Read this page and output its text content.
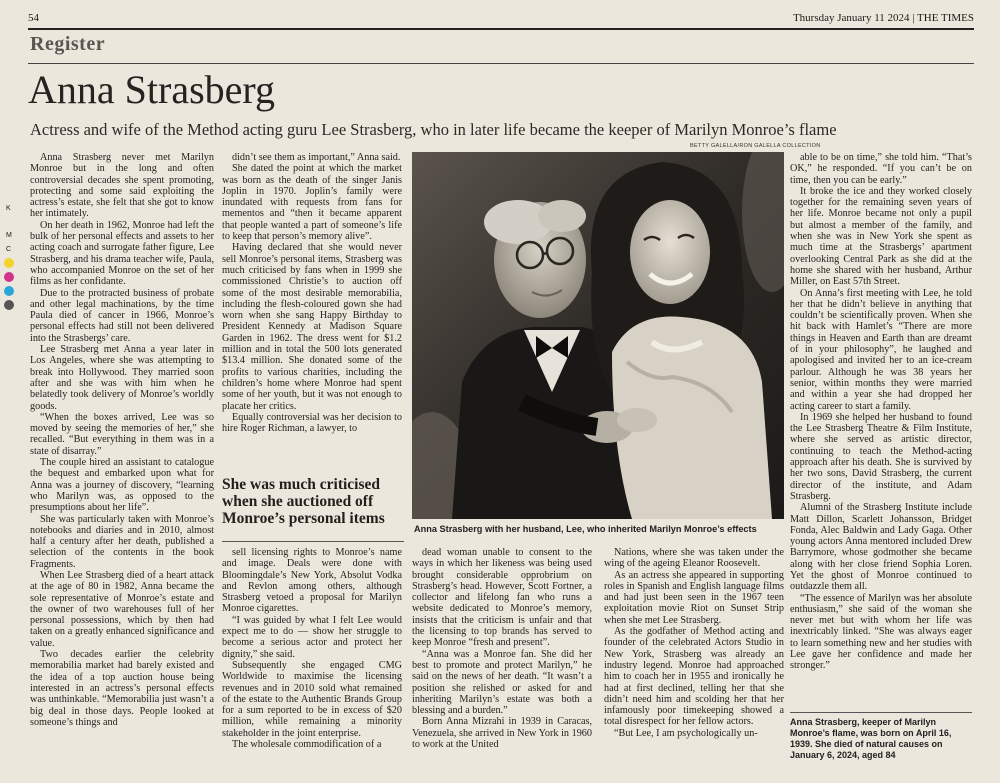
54	Thursday January 11 2024 | THE TIMES
Register
Anna Strasberg
Actress and wife of the Method acting guru Lee Strasberg, who in later life became the keeper of Marilyn Monroe’s flame

Anna Strasberg never met Marilyn Monroe but in the long and often controversial decades she spent promoting, protecting and some said exploiting the actress’s estate, she felt that she got to know her intimately.

On her death in 1962, Monroe had left the bulk of her personal effects and assets to her acting coach and surrogate father figure, Lee Strasberg, and his drama teacher wife, Paula, who accompanied Monroe on the set of her films as her confidante.

Due to the protracted business of probate and other legal machinations, by the time Paula died of cancer in 1966, Monroe’s personal effects had still not been delivered into the Strasbergs’ care.

Lee Strasberg met Anna a year later in Los Angeles, where she was attempting to break into Hollywood. They married soon after and she was with him when he belatedly took delivery of Monroe’s worldly goods.

“When the boxes arrived, Lee was so moved by seeing the memories of her,” she recalled. “But everything in them was in a state of disarray.”

The couple hired an assistant to catalogue the bequest and embarked upon what for Anna was a journey of discovery, “learning who Marilyn was, as opposed to the presumptions about her life”.

She was particularly taken with Monroe’s notebooks and diaries and in 2010, almost half a century after her death, published a selection of the contents in the book Fragments.

When Lee Strasberg died of a heart attack at the age of 80 in 1982, Anna became the sole representative of Monroe’s estate and the owner of two warehouses full of her personal possessions, which by then had taken on a greatly enhanced significance and value.

Two decades earlier the celebrity memorabilia market had barely existed and the idea of a top auction house being interested in an actress’s personal effects was unthinkable. “Memorabilia just wasn’t a big deal in those days. People looked at someone’s things and

didn’t see them as important,” Anna said.

She dated the point at which the market was born as the death of the singer Janis Joplin in 1970. Joplin’s family were inundated with requests from fans for mementos and “then it became apparent that people wanted a part of someone’s life to keep that person’s memory alive”.

Having declared that she would never sell Monroe’s personal items, Strasberg was much criticised by fans when in 1999 she commissioned Christie’s to auction off some of the most desirable memorabilia, including the flesh-coloured gown she had worn when she sang Happy Birthday to President Kennedy at Madison Square Garden in 1962. The dress went for $1.2 million and in total the 500 lots generated $13.4 million. She donated some of the profits to various charities, including the children’s home where Monroe had spent some of her youth, but it was not enough to placate her critics.

Equally controversial was her decision to hire Roger Richman, a lawyer, to

She was much criticised when she auctioned off Monroe’s personal items

sell licensing rights to Monroe’s name and image. Deals were done with Bloomingdale’s New York, Absolut Vodka and Revlon among others, although Strasberg vetoed a proposal for Marilyn Monroe cigarettes.

“I was guided by what I felt Lee would expect me to do — show her struggle to become a serious actor and protect her dignity,” she said.

Subsequently she engaged CMG Worldwide to maximise the licensing revenues and in 2010 sold what remained of the estate to the Authentic Brands Group for a sum reported to be in excess of $20 million, while remaining a minority stakeholder in the joint enterprise.

The wholesale commodification of a

BETTY GALELLA/RON GALELLA COLLECTION
Anna Strasberg with her husband, Lee, who inherited Marilyn Monroe’s effects

dead woman unable to consent to the ways in which her likeness was being used brought considerable opprobrium on Strasberg’s head. However, Scott Fortner, a collector and lifelong fan who runs a website dedicated to Monroe’s memory, insists that the criticism is unfair and that the licensing to top brands has served to keep Monroe “fresh and present”.

“Anna was a Monroe fan. She did her best to promote and protect Marilyn,” he said on the news of her death. “It wasn’t a position she relished or asked for and inheriting Marilyn’s estate was both a blessing and a burden.”

Born Anna Mizrahi in 1939 in Caracas, Venezuela, she arrived in New York in 1960 to work at the United

Nations, where she was taken under the wing of the ageing Eleanor Roosevelt.

As an actress she appeared in supporting roles in Spanish and English language films and had just been seen in the 1967 teen exploitation movie Riot on Sunset Strip when she met Lee Strasberg.

As the godfather of Method acting and founder of the celebrated Actors Studio in New York, Strasberg was already an industry legend. Monroe had approached him to coach her in 1955 and ironically he had at first declined, telling her that she didn’t need him and scolding her that her infamously poor timekeeping showed a total disrespect for her fellow actors.

“But Lee, I am psychologically un-

able to be on time,” she told him. “That’s OK,” he responded. “If you can’t be on time, then you can be early.”

It broke the ice and they worked closely together for the remaining seven years of her life. Monroe became not only a pupil but almost a member of the family, and when she was in New York she spent as much time at the Strasbergs’ apartment overlooking Central Park as she did at the home she shared with her husband, Arthur Miller, on East 57th Street.

On Anna’s first meeting with Lee, he told her that he didn’t believe in anything that couldn’t be scientifically proven. When she hit back with Hamlet’s “There are more things in Heaven and Earth than are dreamt of in your philosophy”, he laughed and apologised and invited her to an ice-cream parlour. Although he was 38 years her senior, within months they were married and within a year she had dropped her acting career to start a family.

In 1969 she helped her husband to found the Lee Strasberg Theatre & Film Institute, where she served as artistic director, continuing to teach the Method-acting approach after his death. She is survived by her two sons, David Strasberg, the current director of the institute, and Adam Strasberg.

Alumni of the Strasberg Institute include Matt Dillon, Scarlett Johansson, Bridget Fonda, Alec Baldwin and Lady Gaga. Other young actors Anna mentored included Drew Barrymore, whose godmother she became along with her close friend Sophia Loren. Yet the ghost of Monroe continued to outdazzle them all.

“The essence of Marilyn was her absolute enthusiasm,” she said of the woman she never met but with whom her life was inextricably linked. “She was always eager to learn something new and her studies with Lee gave her confidence and made her stronger.”

Anna Strasberg, keeper of Marilyn Monroe’s flame, was born on April 16, 1939. She died of natural causes on January 6, 2024, aged 84
K
M
C
